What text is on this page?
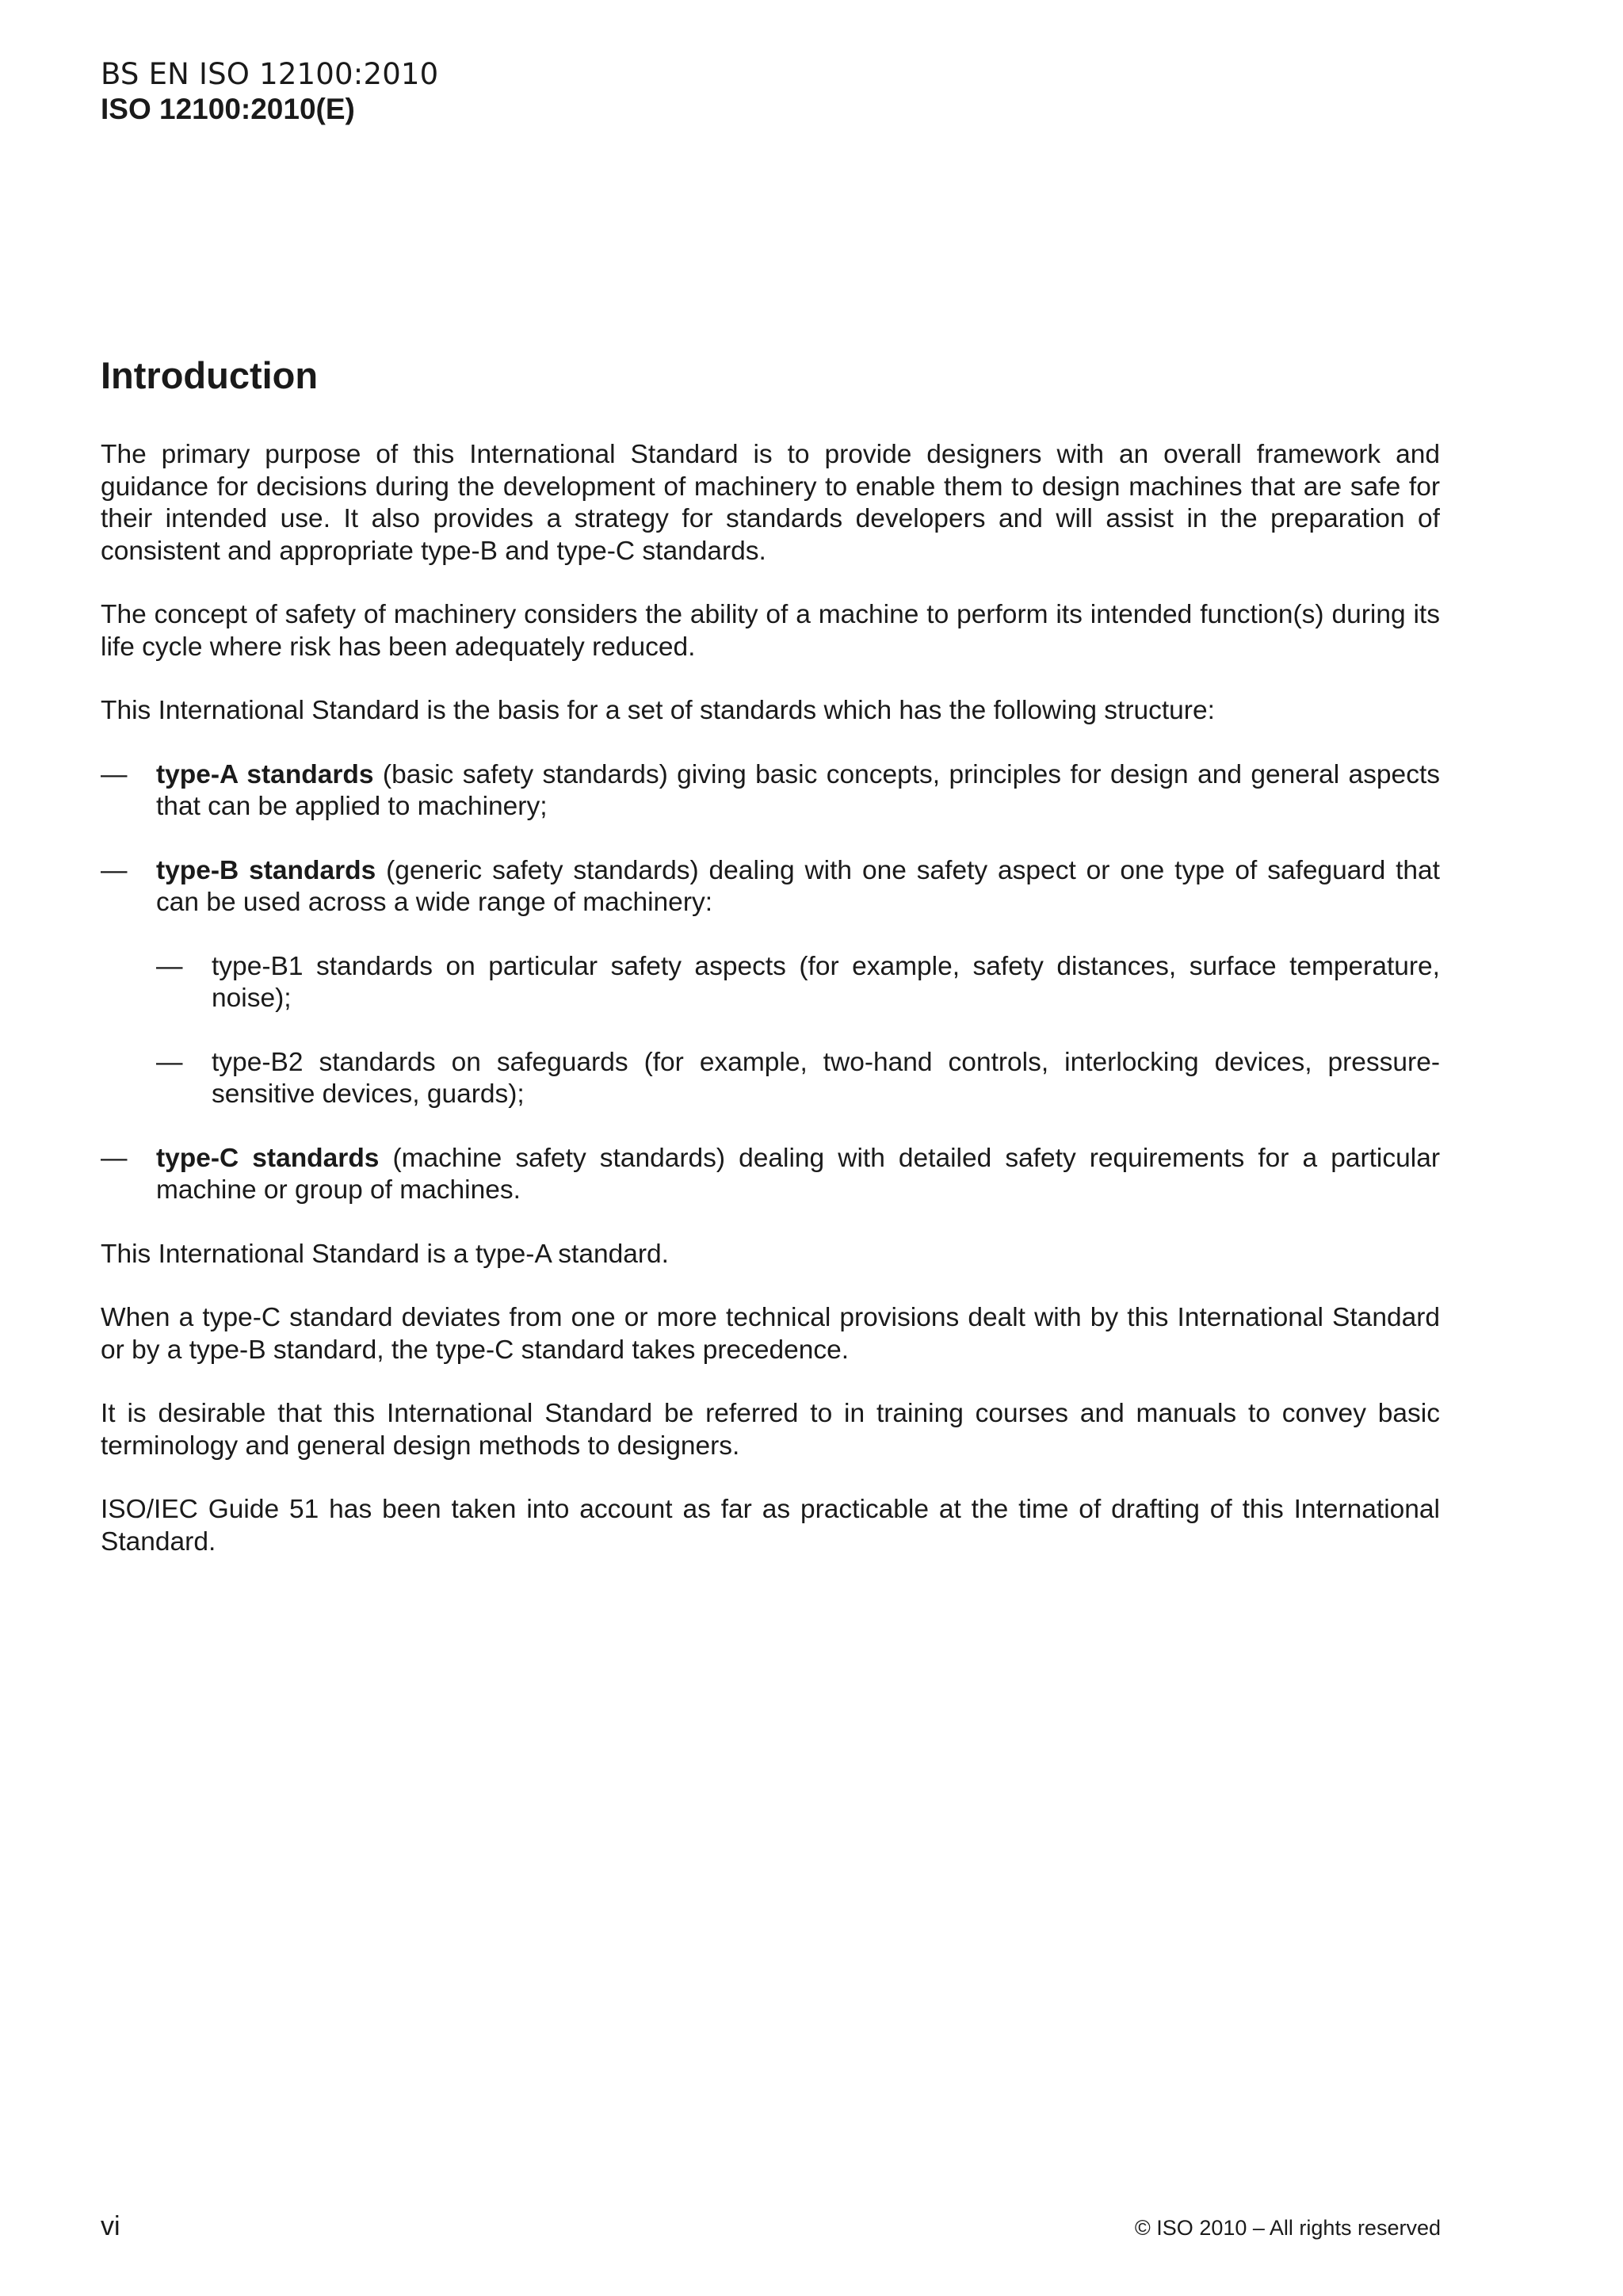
BS EN ISO 12100:2010
ISO 12100:2010(E)
Introduction

The primary purpose of this International Standard is to provide designers with an overall framework and guidance for decisions during the development of machinery to enable them to design machines that are safe for their intended use. It also provides a strategy for standards developers and will assist in the preparation of consistent and appropriate type-B and type-C standards.

The concept of safety of machinery considers the ability of a machine to perform its intended function(s) during its life cycle where risk has been adequately reduced.

This International Standard is the basis for a set of standards which has the following structure:

— type-A standards (basic safety standards) giving basic concepts, principles for design and general aspects that can be applied to machinery;
— type-B standards (generic safety standards) dealing with one safety aspect or one type of safeguard that can be used across a wide range of machinery:
— type-B1 standards on particular safety aspects (for example, safety distances, surface temperature, noise);
— type-B2 standards on safeguards (for example, two-hand controls, interlocking devices, pressure-sensitive devices, guards);
— type-C standards (machine safety standards) dealing with detailed safety requirements for a particular machine or group of machines.

This International Standard is a type-A standard.

When a type-C standard deviates from one or more technical provisions dealt with by this International Standard or by a type-B standard, the type-C standard takes precedence.

It is desirable that this International Standard be referred to in training courses and manuals to convey basic terminology and general design methods to designers.

ISO/IEC Guide 51 has been taken into account as far as practicable at the time of drafting of this International Standard.

vi	© ISO 2010 – All rights reserved
